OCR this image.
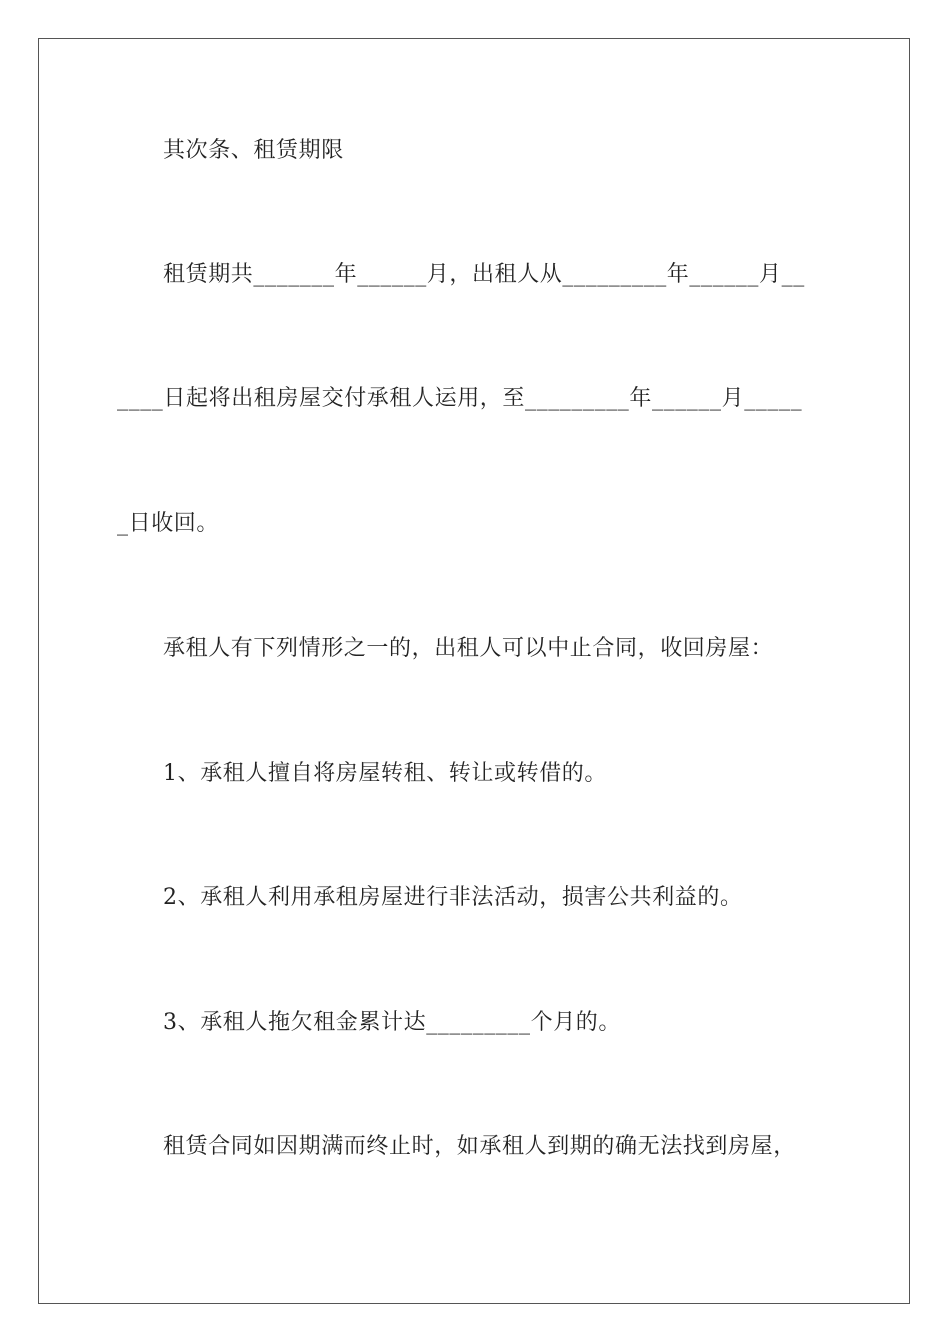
其次条、租赁期限
租赁期共_______年______月，出租人从_________年______月__
____日起将出租房屋交付承租人运用，至_________年______月_____
_日收回。
承租人有下列情形之一的，出租人可以中止合同，收回房屋：
1、承租人擅自将房屋转租、转让或转借的。
2、承租人利用承租房屋进行非法活动，损害公共利益的。
3、承租人拖欠租金累计达_________个月的。
租赁合同如因期满而终止时，如承租人到期的确无法找到房屋，
